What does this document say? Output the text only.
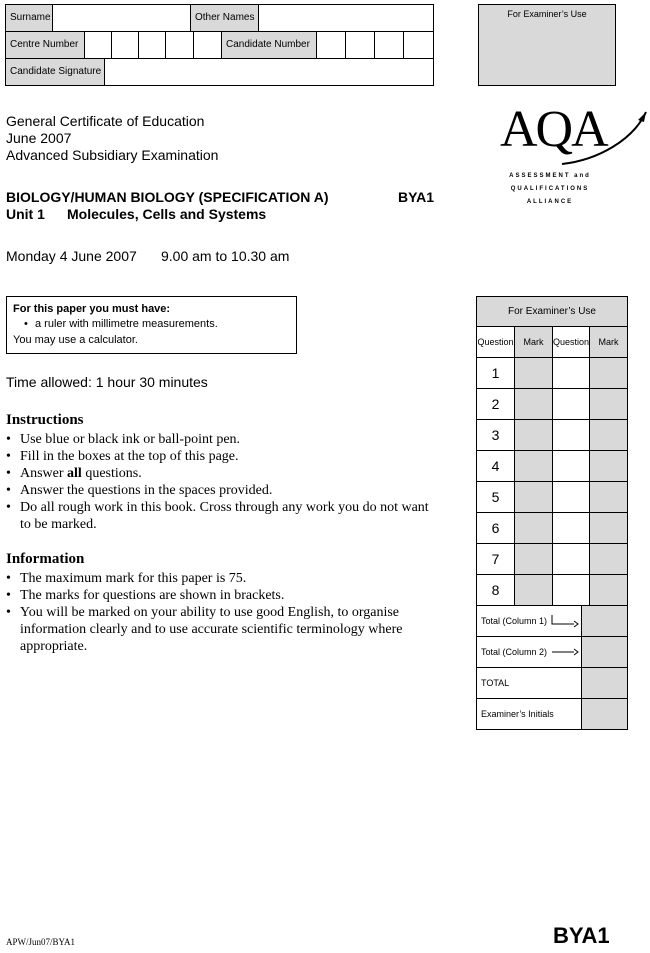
Surname	Other Names
Centre Number	Candidate Number
Candidate Signature
For Examiner’s Use
General Certificate of Education
June 2007
Advanced Subsidiary Examination	AQA
ASSESSMENT and
QUALIFICATIONS
ALLIANCE
BIOLOGY/HUMAN BIOLOGY (SPECIFICATION A)	BYA1
Unit 1 Molecules, Cells and Systems
Monday 4 June 2007 9.00 am to 10.30 am
For this paper you must have:
• a ruler with millimetre measurements.
You may use a calculator.
Time allowed: 1 hour 30 minutes
Instructions
• Use blue or black ink or ball-point pen.
• Fill in the boxes at the top of this page.
• Answer all questions.
• Answer the questions in the spaces provided.
• Do all rough work in this book. Cross through any work you do not want to be marked.
Information
• The maximum mark for this paper is 75.
• The marks for questions are shown in brackets.
• You will be marked on your ability to use good English, to organise information clearly and to use accurate scientific terminology where appropriate.
For Examiner’s Use
Question	Mark	Question	Mark
1
2
3
4
5
6
7
8
Total (Column 1)
Total (Column 2)
TOTAL
Examiner’s Initials
APW/Jun07/BYA1	BYA1
